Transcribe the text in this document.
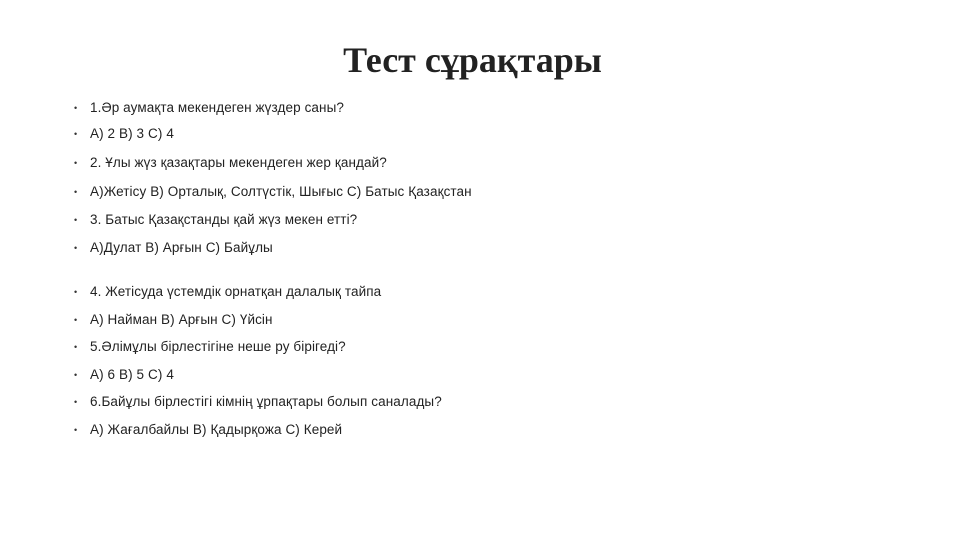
Тест сұрақтары
• 1.Әр аумақта мекендеген жүздер саны?
• А) 2 В) 3 С) 4
• 2. Ұлы жүз қазақтары мекендеген жер қандай?
• А)Жетісу В) Орталық, Солтүстік, Шығыс С) Батыс Қазақстан
• 3. Батыс Қазақстанды қай жүз мекен етті?
• А)Дулат В) Арғын С) Байұлы
• 4. Жетісуда үстемдік орнатқан далалық тайпа
• А) Найман В) Арғын С) Үйсін
• 5.Әлімұлы бірлестігіне неше ру бірігеді?
• А) 6 В) 5 С) 4
• 6.Байұлы бірлестігі кімнің ұрпақтары болып саналады?
• А) Жағалбайлы В) Қадырқожа С) Керей
